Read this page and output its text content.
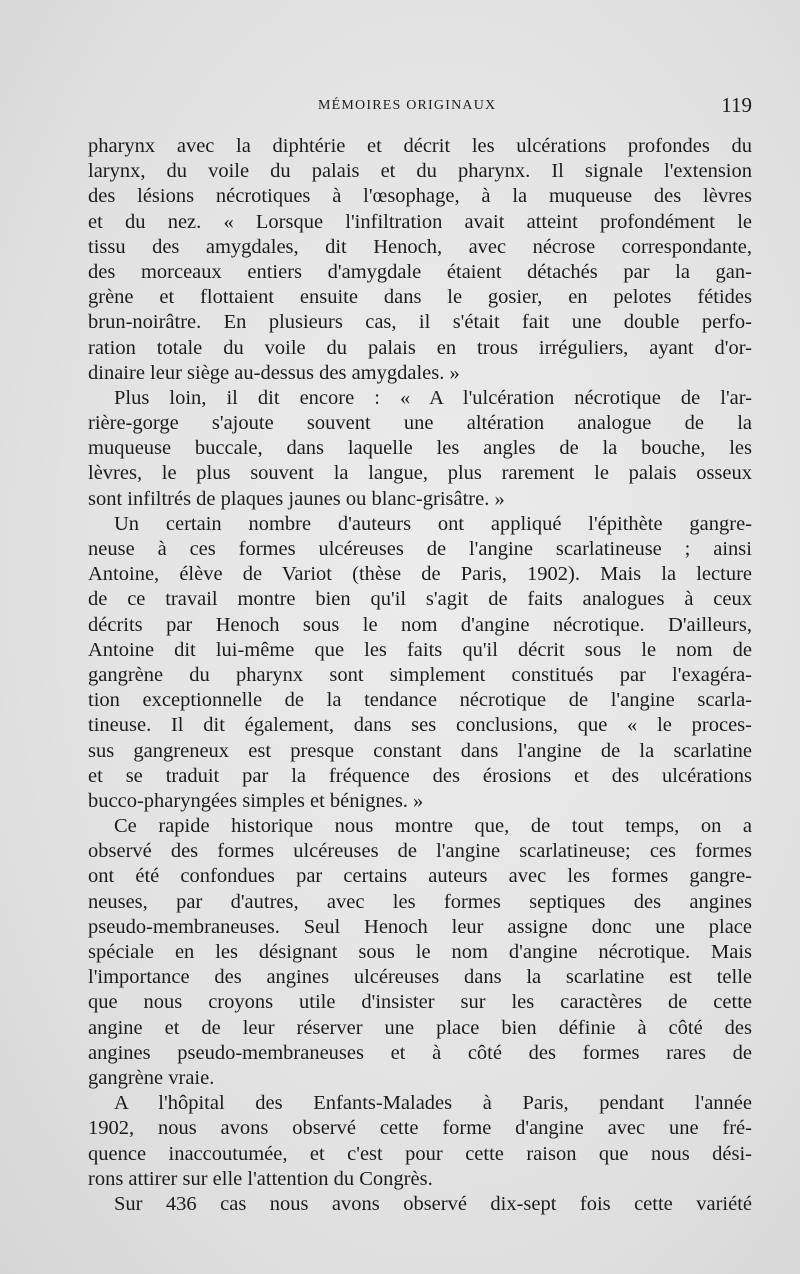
MÉMOIRES ORIGINAUX	119
pharynx avec la diphtérie et décrit les ulcérations profondes du
larynx, du voile du palais et du pharynx. Il signale l'extension
des lésions nécrotiques à l'œsophage, à la muqueuse des lèvres
et du nez. « Lorsque l'infiltration avait atteint profondément le
tissu des amygdales, dit Henoch, avec nécrose correspondante,
des morceaux entiers d'amygdale étaient détachés par la gan-
grène et flottaient ensuite dans le gosier, en pelotes fétides
brun-noirâtre. En plusieurs cas, il s'était fait une double perfo-
ration totale du voile du palais en trous irréguliers, ayant d'or-
dinaire leur siège au-dessus des amygdales. »
Plus loin, il dit encore : « A l'ulcération nécrotique de l'ar-
rière-gorge s'ajoute souvent une altération analogue de la
muqueuse buccale, dans laquelle les angles de la bouche, les
lèvres, le plus souvent la langue, plus rarement le palais osseux
sont infiltrés de plaques jaunes ou blanc-grisâtre. »
Un certain nombre d'auteurs ont appliqué l'épithète gangre-
neuse à ces formes ulcéreuses de l'angine scarlatineuse ; ainsi
Antoine, élève de Variot (thèse de Paris, 1902). Mais la lecture
de ce travail montre bien qu'il s'agit de faits analogues à ceux
décrits par Henoch sous le nom d'angine nécrotique. D'ailleurs,
Antoine dit lui-même que les faits qu'il décrit sous le nom de
gangrène du pharynx sont simplement constitués par l'exagéra-
tion exceptionnelle de la tendance nécrotique de l'angine scarla-
tineuse. Il dit également, dans ses conclusions, que « le proces-
sus gangreneux est presque constant dans l'angine de la scarlatine
et se traduit par la fréquence des érosions et des ulcérations
bucco-pharyngées simples et bénignes. »
Ce rapide historique nous montre que, de tout temps, on a
observé des formes ulcéreuses de l'angine scarlatineuse; ces formes
ont été confondues par certains auteurs avec les formes gangre-
neuses, par d'autres, avec les formes septiques des angines
pseudo-membraneuses. Seul Henoch leur assigne donc une place
spéciale en les désignant sous le nom d'angine nécrotique. Mais
l'importance des angines ulcéreuses dans la scarlatine est telle
que nous croyons utile d'insister sur les caractères de cette
angine et de leur réserver une place bien définie à côté des
angines pseudo-membraneuses et à côté des formes rares de
gangrène vraie.
A l'hôpital des Enfants-Malades à Paris, pendant l'année
1902, nous avons observé cette forme d'angine avec une fré-
quence inaccoutumée, et c'est pour cette raison que nous dési-
rons attirer sur elle l'attention du Congrès.
Sur 436 cas nous avons observé dix-sept fois cette variété
